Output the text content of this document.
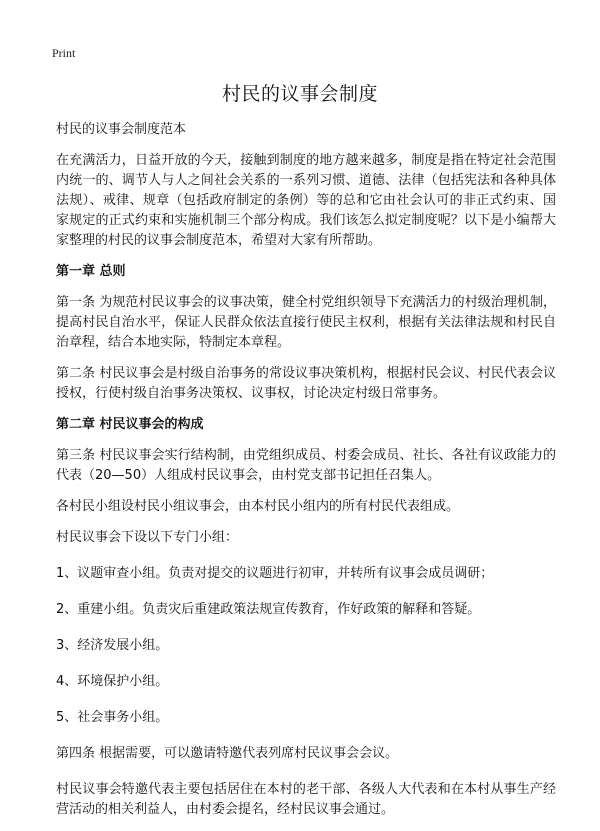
Print
村民的议事会制度

村民的议事会制度范本

在充满活力，日益开放的今天，接触到制度的地方越来越多，制度是指在特定社会范围内统一的、调节人与人之间社会关系的一系列习惯、道德、法律（包括宪法和各种具体法规）、戒律、规章（包括政府制定的条例）等的总和它由社会认可的非正式约束、国家规定的正式约束和实施机制三个部分构成。我们该怎么拟定制度呢？以下是小编帮大家整理的村民的议事会制度范本，希望对大家有所帮助。

第一章 总则

第一条 为规范村民议事会的议事决策，健全村党组织领导下充满活力的村级治理机制，提高村民自治水平，保证人民群众依法直接行使民主权利，根据有关法律法规和村民自治章程，结合本地实际，特制定本章程。

第二条 村民议事会是村级自治事务的常设议事决策机构，根据村民会议、村民代表会议授权，行使村级自治事务决策权、议事权，讨论决定村级日常事务。

第二章 村民议事会的构成

第三条 村民议事会实行结构制，由党组织成员、村委会成员、社长、各社有议政能力的代表（20—50）人组成村民议事会，由村党支部书记担任召集人。

各村民小组设村民小组议事会，由本村民小组内的所有村民代表组成。

村民议事会下设以下专门小组：

1、议题审查小组。负责对提交的议题进行初审，并转所有议事会成员调研；

2、重建小组。负责灾后重建政策法规宣传教育，作好政策的解释和答疑。

3、经济发展小组。

4、环境保护小组。

5、社会事务小组。

第四条 根据需要，可以邀请特邀代表列席村民议事会会议。

村民议事会特邀代表主要包括居住在本村的老干部、各级人大代表和在本村从事生产经营活动的相关利益人，由村委会提名，经村民议事会通过。
